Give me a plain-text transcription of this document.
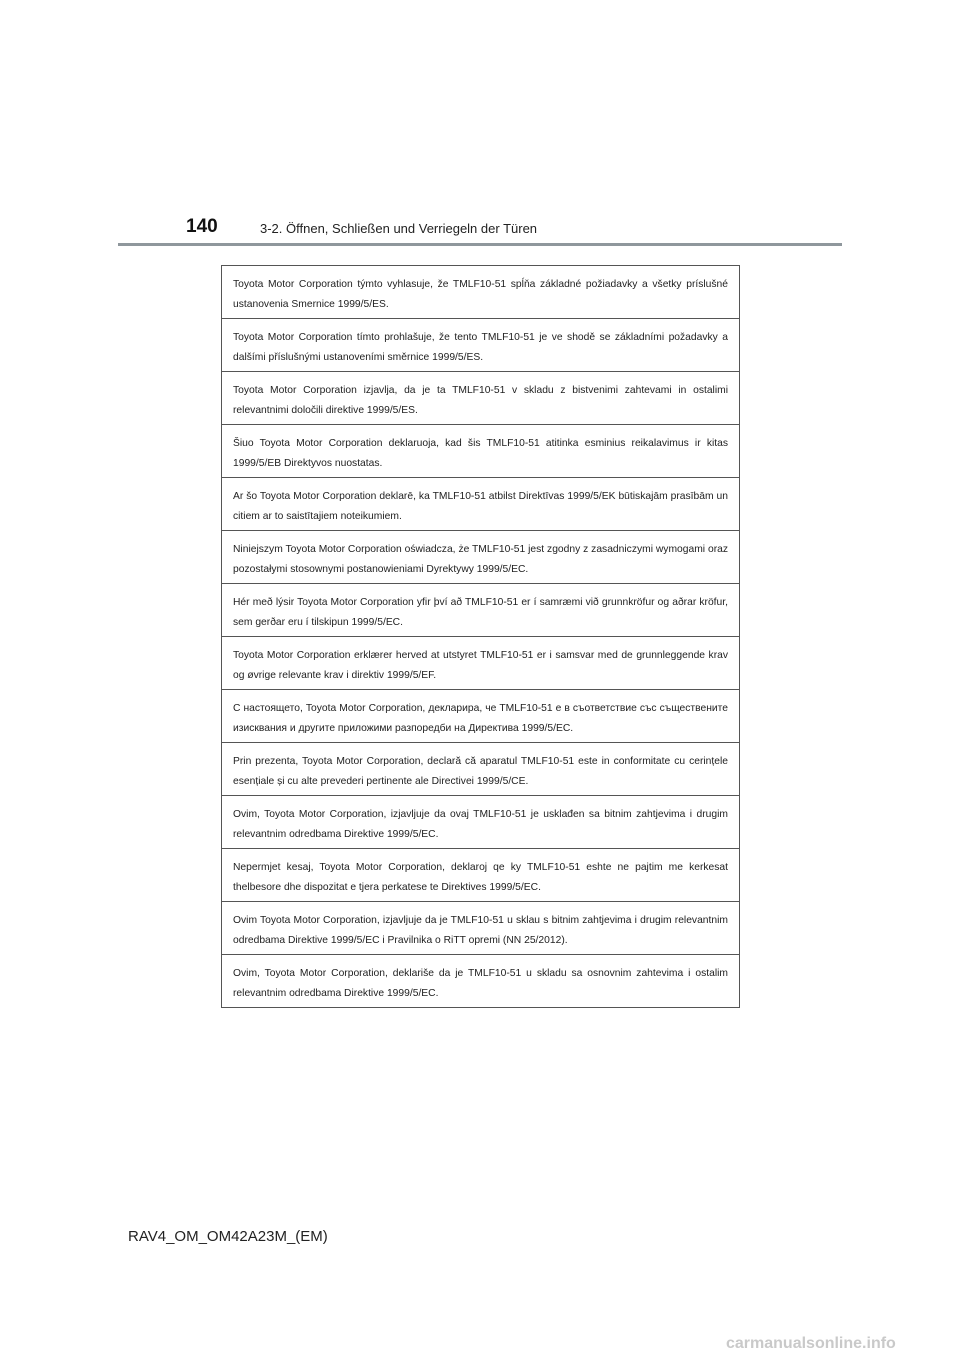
140	3-2. Öffnen, Schließen und Verriegeln der Türen
Toyota Motor Corporation týmto vyhlasuje, že TMLF10-51 spĺňa základné požiadavky a všetky príslušné ustanovenia Smernice 1999/5/ES.
Toyota Motor Corporation tímto prohlašuje, že tento TMLF10-51 je ve shodě se základními požadavky a dalšími příslušnými ustanoveními směrnice 1999/5/ES.
Toyota Motor Corporation izjavlja, da je ta TMLF10-51 v skladu z bistvenimi zahtevami in ostalimi relevantnimi določili direktive 1999/5/ES.
Šiuo Toyota Motor Corporation deklaruoja, kad šis TMLF10-51 atitinka esminius reikalavimus ir kitas 1999/5/EB Direktyvos nuostatas.
Ar šo Toyota Motor Corporation deklarē, ka TMLF10-51 atbilst Direktīvas 1999/5/EK būtiskajām prasībām un citiem ar to saistītajiem noteikumiem.
Niniejszym Toyota Motor Corporation oświadcza, że TMLF10-51 jest zgodny z zasadniczymi wymogami oraz pozostałymi stosownymi postanowieniami Dyrektywy 1999/5/EC.
Hér með lýsir Toyota Motor Corporation yfir því að TMLF10-51 er í samræmi við grunnkröfur og aðrar kröfur, sem gerðar eru í tilskipun 1999/5/EC.
Toyota Motor Corporation erklærer herved at utstyret TMLF10-51 er i samsvar med de grunnleggende krav og øvrige relevante krav i direktiv 1999/5/EF.
С настоящето, Toyota Motor Corporation, декларира, че TMLF10-51 е в съответствие със съществените изисквания и другите приложими разпоредби на Директива 1999/5/ЕС.
Prin prezenta, Toyota Motor Corporation, declară că aparatul TMLF10-51 este in conformitate cu cerințele esențiale și cu alte prevederi pertinente ale Directivei 1999/5/CE.
Ovim, Toyota Motor Corporation, izjavljuje da ovaj TMLF10-51 je usklađen sa bitnim zahtjevima i drugim relevantnim odredbama Direktive 1999/5/EC.
Nepermjet kesaj, Toyota Motor Corporation, deklaroj qe ky TMLF10-51 eshte ne pajtim me kerkesat thelbesore dhe dispozitat e tjera perkatese te Direktives 1999/5/EC.
Ovim Toyota Motor Corporation, izjavljuje da je TMLF10-51 u sklau s bitnim zahtjevima i drugim relevantnim odredbama Direktive 1999/5/EC i Pravilnika o RiTT opremi (NN 25/2012).
Ovim, Toyota Motor Corporation, deklariše da je TMLF10-51 u skladu sa osnovnim zahtevima i ostalim relevantnim odredbama Direktive 1999/5/EC.
RAV4_OM_OM42A23M_(EM)
carmanualsonline.info
